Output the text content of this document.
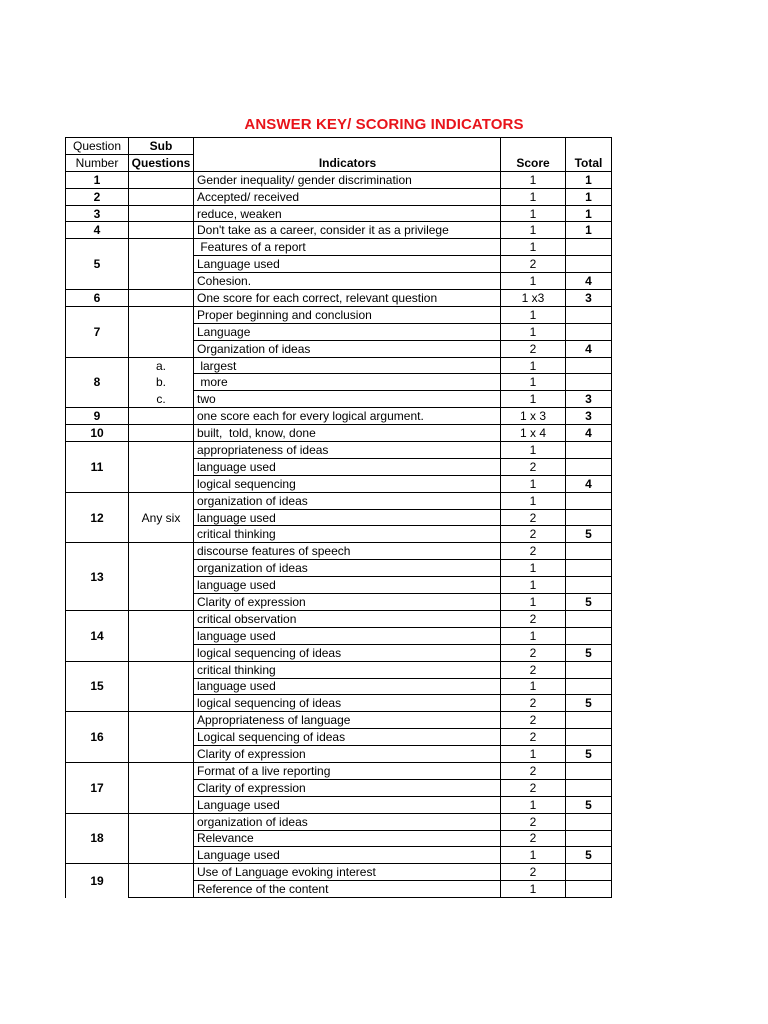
ANSWER KEY/ SCORING INDICATORS
Question	Sub			
Number	Questions	Indicators	Score	Total
1		Gender inequality/ gender discrimination	1	1
2		Accepted/ received	1	1
3		reduce, weaken	1	1
4		Don't take as a career, consider it as a privilege	1	1
5		Features of a report	1	
		Language used	2	
		Cohesion.	1	4
6		One score for each correct, relevant question	1 x3	3
7		Proper beginning and conclusion	1	
		Language	1	
		Organization of ideas	2	4
8	a.	largest	1	
	b.	more	1	
	c.	two	1	3
9		one score each for every logical argument.	1 x 3	3
10		built,  told, know, done	1 x 4	4
11		appropriateness of ideas	1	
		language used	2	
		logical sequencing	1	4
12	Any six	organization of ideas	1	
		language used	2	
		critical thinking	2	5
13		discourse features of speech	2	
		organization of ideas	1	
		language used	1	
		Clarity of expression	1	5
14		critical observation	2	
		language used	1	
		logical sequencing of ideas	2	5
15		critical thinking	2	
		language used	1	
		logical sequencing of ideas	2	5
16		Appropriateness of language	2	
		Logical sequencing of ideas	2	
		Clarity of expression	1	5
17		Format of a live reporting	2	
		Clarity of expression	2	
		Language used	1	5
18		organization of ideas	2	
		Relevance	2	
		Language used	1	5
19		Use of Language evoking interest	2	
		Reference of the content	1	
